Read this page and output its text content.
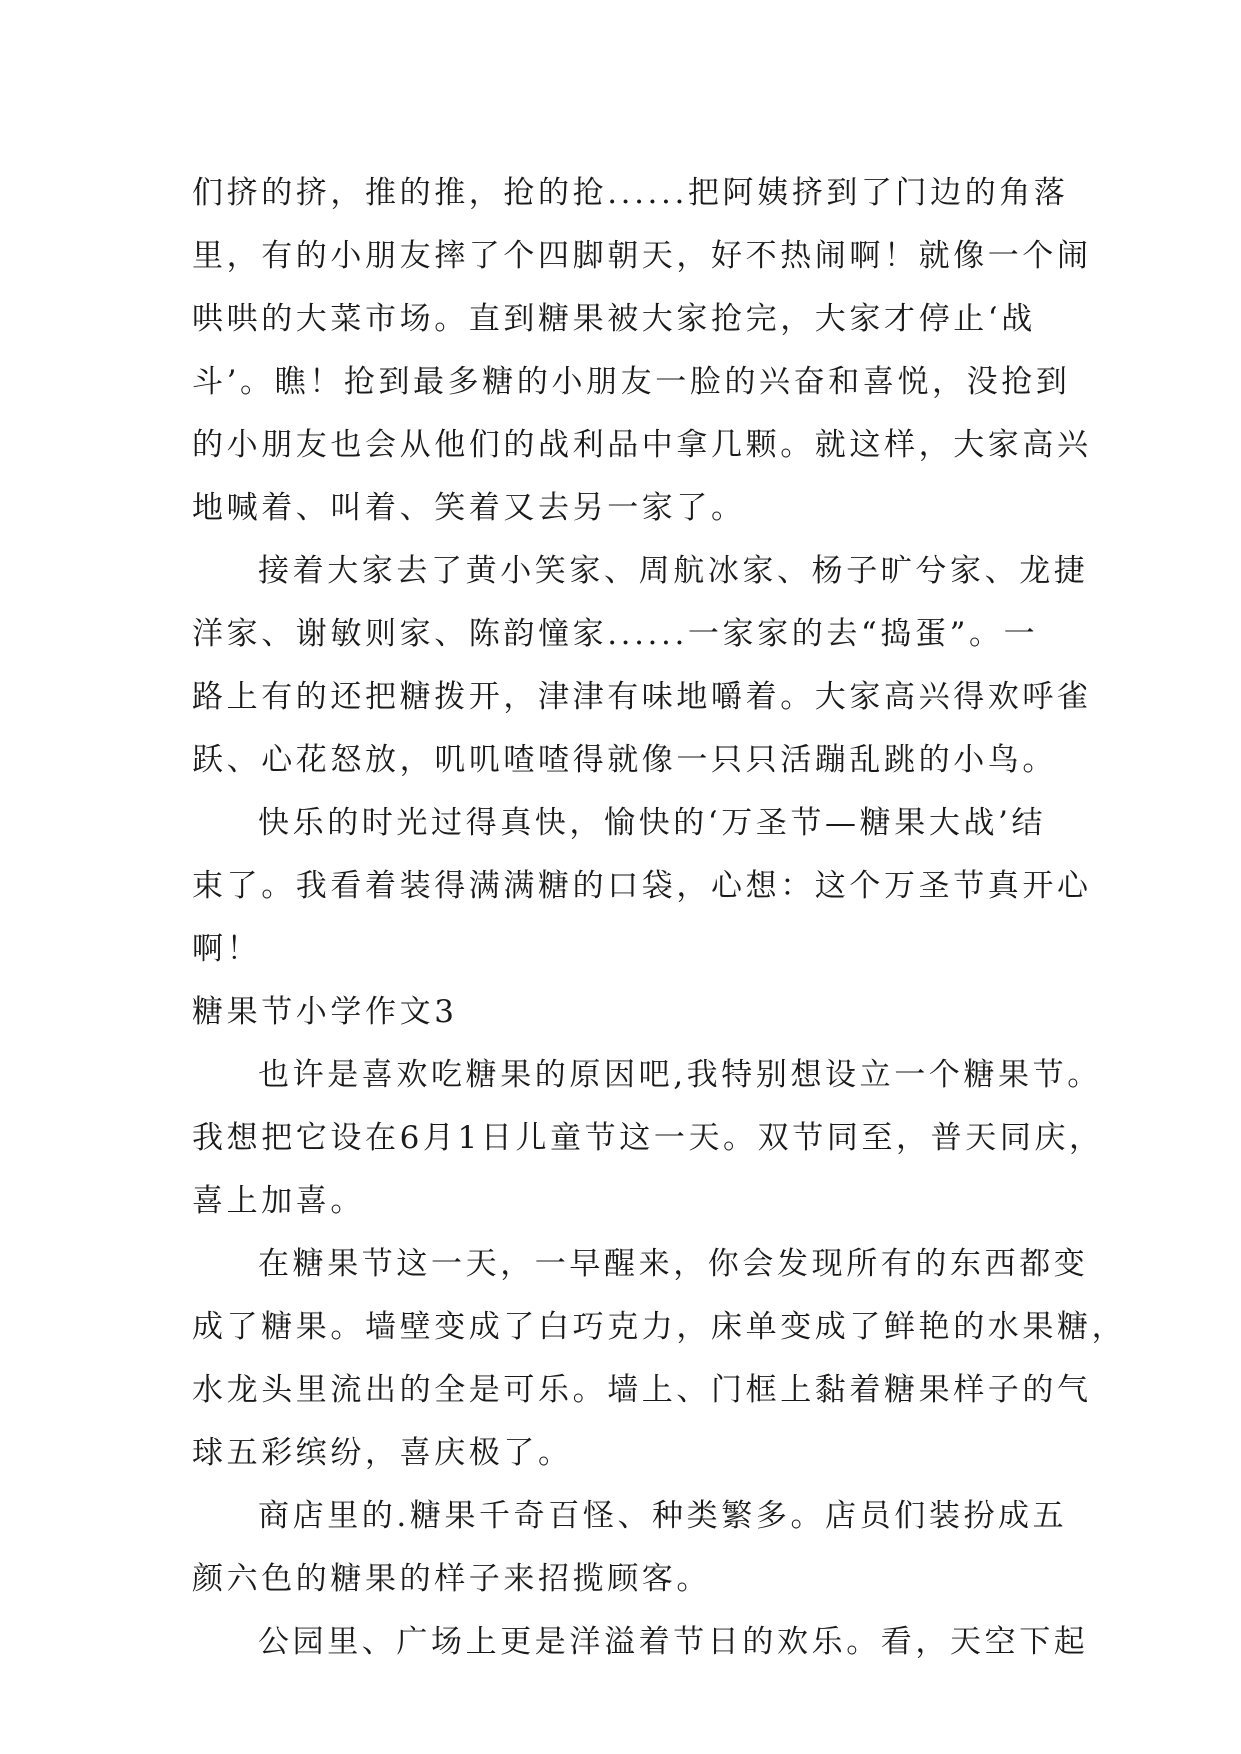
们挤的挤，推的推，抢的抢......把阿姨挤到了门边的角落
里，有的小朋友摔了个四脚朝天，好不热闹啊！就像一个闹
哄哄的大菜市场。直到糖果被大家抢完，大家才停止‘战
斗’。瞧！抢到最多糖的小朋友一脸的兴奋和喜悦，没抢到
的小朋友也会从他们的战利品中拿几颗。就这样，大家高兴
地喊着、叫着、笑着又去另一家了。
接着大家去了黄小笑家、周航冰家、杨子旷兮家、龙捷
洋家、谢敏则家、陈韵憧家......一家家的去“捣蛋”。一
路上有的还把糖拨开，津津有味地嚼着。大家高兴得欢呼雀
跃、心花怒放，叽叽喳喳得就像一只只活蹦乱跳的小鸟。
快乐的时光过得真快，愉快的‘万圣节—糖果大战’结
束了。我看着装得满满糖的口袋，心想：这个万圣节真开心
啊！
糖果节小学作文3
也许是喜欢吃糖果的原因吧,我特别想设立一个糖果节。
我想把它设在6月1日儿童节这一天。双节同至，普天同庆，
喜上加喜。
在糖果节这一天，一早醒来，你会发现所有的东西都变
成了糖果。墙壁变成了白巧克力，床单变成了鲜艳的水果糖，
水龙头里流出的全是可乐。墙上、门框上黏着糖果样子的气
球五彩缤纷，喜庆极了。
商店里的.糖果千奇百怪、种类繁多。店员们装扮成五
颜六色的糖果的样子来招揽顾客。
公园里、广场上更是洋溢着节日的欢乐。看，天空下起
